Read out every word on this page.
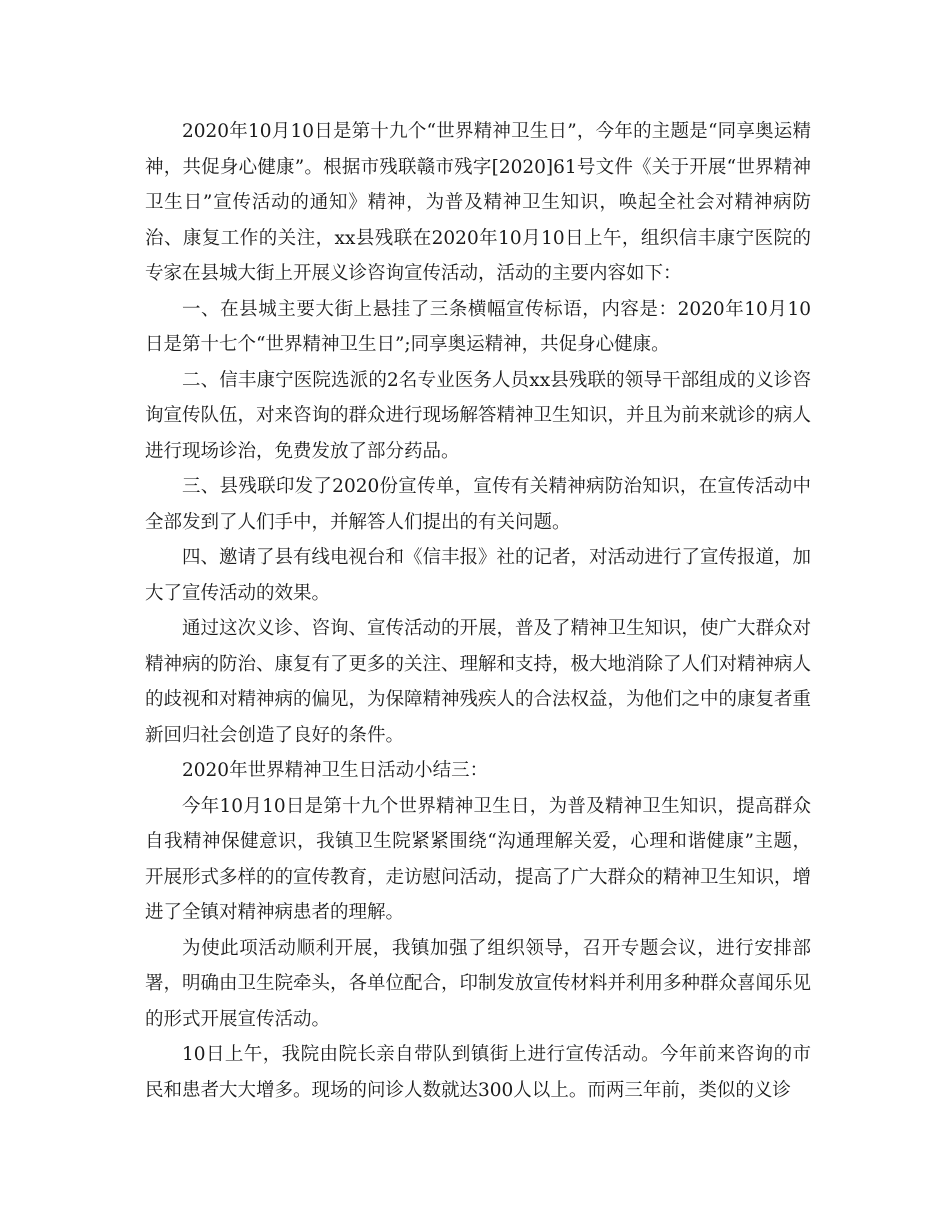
2020年10月10日是第十九个“世界精神卫生日”，今年的主题是“同享奥运精神，共促身心健康”。根据市残联赣市残字[2020]61号文件《关于开展“世界精神卫生日”宣传活动的通知》精神，为普及精神卫生知识，唤起全社会对精神病防治、康复工作的关注，xx县残联在2020年10月10日上午，组织信丰康宁医院的专家在县城大街上开展义诊咨询宣传活动，活动的主要内容如下：

一、在县城主要大街上悬挂了三条横幅宣传标语，内容是：2020年10月10日是第十七个“世界精神卫生日”;同享奥运精神，共促身心健康。

二、信丰康宁医院选派的2名专业医务人员xx县残联的领导干部组成的义诊咨询宣传队伍，对来咨询的群众进行现场解答精神卫生知识，并且为前来就诊的病人进行现场诊治，免费发放了部分药品。

三、县残联印发了2020份宣传单，宣传有关精神病防治知识，在宣传活动中全部发到了人们手中，并解答人们提出的有关问题。

四、邀请了县有线电视台和《信丰报》社的记者，对活动进行了宣传报道，加大了宣传活动的效果。

通过这次义诊、咨询、宣传活动的开展，普及了精神卫生知识，使广大群众对精神病的防治、康复有了更多的关注、理解和支持，极大地消除了人们对精神病人的歧视和对精神病的偏见，为保障精神残疾人的合法权益，为他们之中的康复者重新回归社会创造了良好的条件。

2020年世界精神卫生日活动小结三：

今年10月10日是第十九个世界精神卫生日，为普及精神卫生知识，提高群众自我精神保健意识，我镇卫生院紧紧围绕“沟通理解关爱，心理和谐健康”主题，开展形式多样的的宣传教育，走访慰问活动，提高了广大群众的精神卫生知识，增进了全镇对精神病患者的理解。

为使此项活动顺利开展，我镇加强了组织领导，召开专题会议，进行安排部署，明确由卫生院牵头，各单位配合，印制发放宣传材料并利用多种群众喜闻乐见的形式开展宣传活动。

10日上午，我院由院长亲自带队到镇街上进行宣传活动。今年前来咨询的市民和患者大大增多。现场的问诊人数就达300人以上。而两三年前，类似的义诊
